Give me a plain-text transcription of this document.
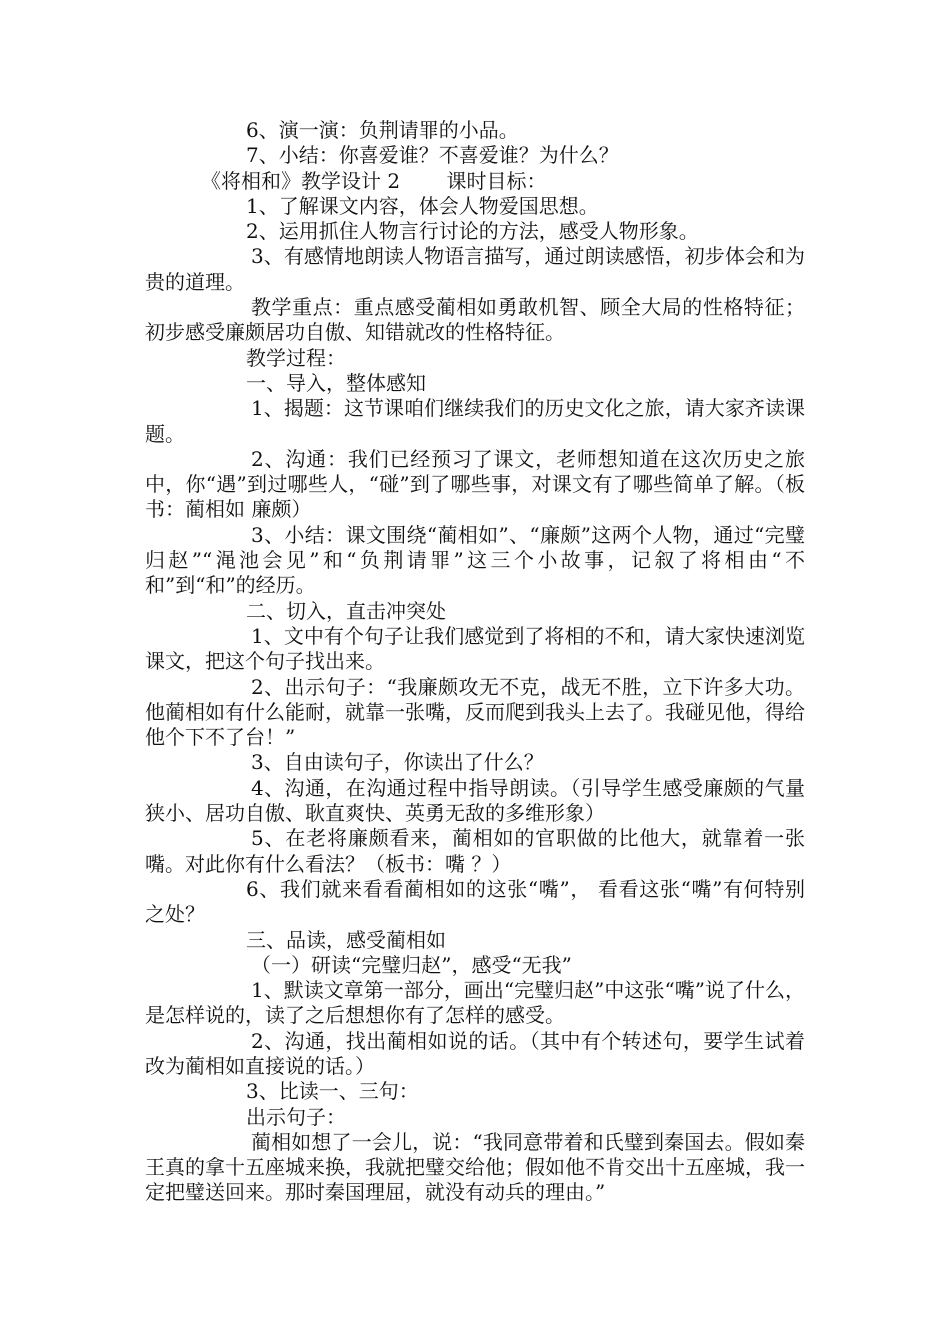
6、演一演：负荆请罪的小品。

7、小结：你喜爱谁？不喜爱谁？为什么？

《将相和》教学设计 2　　 课时目标：

1、了解课文内容，体会人物爱国思想。

2、运用抓住人物言行讨论的方法，感受人物形象。

3、有感情地朗读人物语言描写，通过朗读感悟，初步体会和为贵的道理。

教学重点：重点感受蔺相如勇敢机智、顾全大局的性格特征；初步感受廉颇居功自傲、知错就改的性格特征。

教学过程：

一、导入，整体感知

1、揭题：这节课咱们继续我们的历史文化之旅，请大家齐读课题。

2、沟通：我们已经预习了课文，老师想知道在这次历史之旅中，你“遇”到过哪些人，“碰”到了哪些事，对课文有了哪些简单了解。（板书：蔺相如 廉颇）

3、小结：课文围绕“蔺相如”、“廉颇”这两个人物，通过“完璧归赵”“渑池会见”和“负荆请罪”这三个小故事，记叙了将相由“不和”到“和”的经历。

二、切入，直击冲突处

1、文中有个句子让我们感觉到了将相的不和，请大家快速浏览课文，把这个句子找出来。

2、出示句子：“我廉颇攻无不克，战无不胜，立下许多大功。他蔺相如有什么能耐，就靠一张嘴，反而爬到我头上去了。我碰见他，得给他个下不了台！”

3、自由读句子，你读出了什么？

4、沟通，在沟通过程中指导朗读。（引导学生感受廉颇的气量狭小、居功自傲、耿直爽快、英勇无敌的多维形象）

5、在老将廉颇看来，蔺相如的官职做的比他大，就靠着一张嘴。对此你有什么看法？（板书：嘴 ？）

6、我们就来看看蔺相如的这张“嘴”， 看看这张“嘴”有何特别之处？

三、品读，感受蔺相如

（一）研读“完璧归赵”，感受“无我”

1、默读文章第一部分，画出“完璧归赵”中这张“嘴”说了什么，是怎样说的，读了之后想想你有了怎样的感受。

2、沟通，找出蔺相如说的话。（其中有个转述句，要学生试着改为蔺相如直接说的话。）

3、比读一、三句：

出示句子：

蔺相如想了一会儿，说：“我同意带着和氏璧到秦国去。假如秦王真的拿十五座城来换，我就把璧交给他；假如他不肯交出十五座城，我一定把璧送回来。那时秦国理屈，就没有动兵的理由。”
